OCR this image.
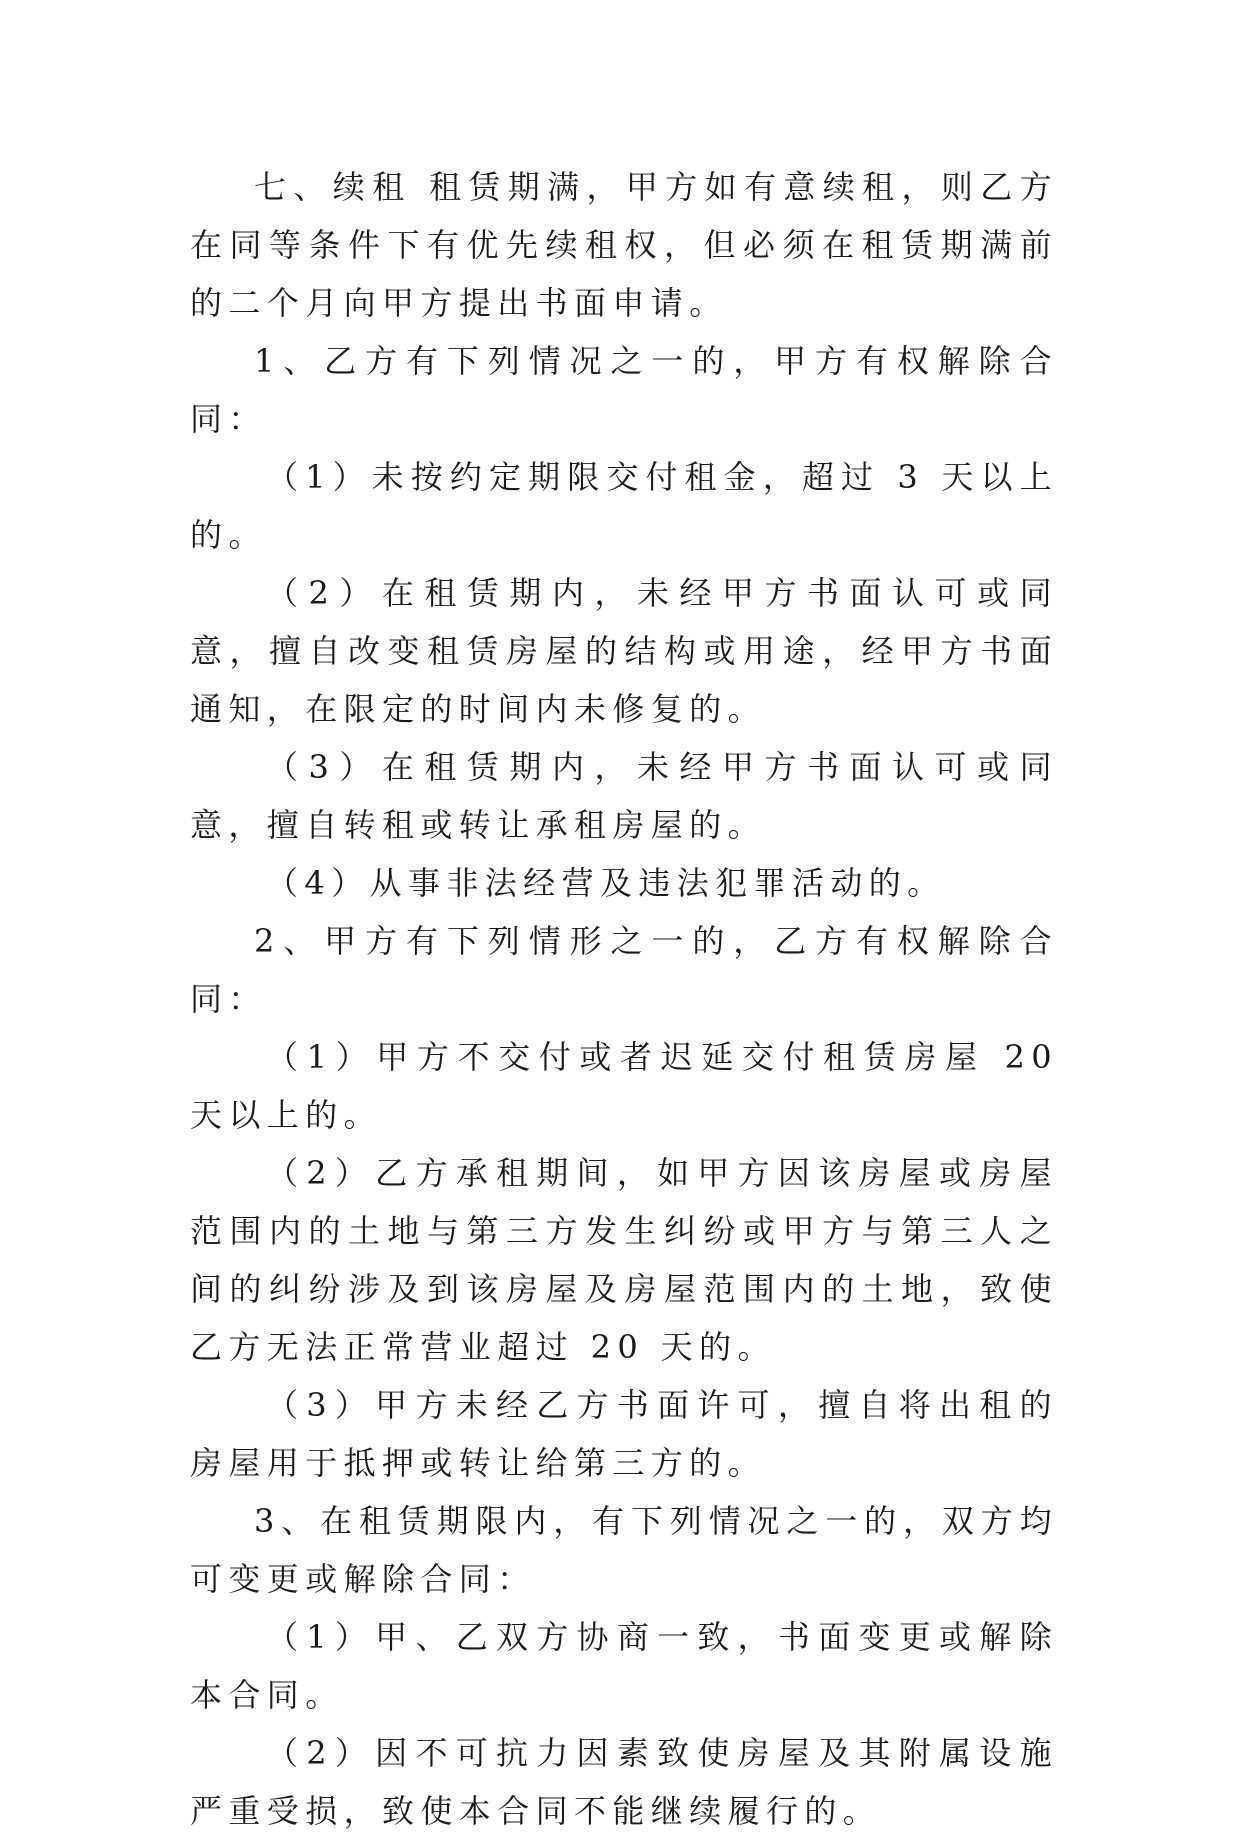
七、续租 租赁期满，甲方如有意续租，则乙方在同等条件下有优先续租权，但必须在租赁期满前的二个月向甲方提出书面申请。

1、乙方有下列情况之一的，甲方有权解除合同：

（1）未按约定期限交付租金，超过 3 天以上的。

（2）在租赁期内，未经甲方书面认可或同意，擅自改变租赁房屋的结构或用途，经甲方书面通知，在限定的时间内未修复的。

（3）在租赁期内，未经甲方书面认可或同意，擅自转租或转让承租房屋的。

（4）从事非法经营及违法犯罪活动的。

2、甲方有下列情形之一的，乙方有权解除合同：

（1）甲方不交付或者迟延交付租赁房屋 20 天以上的。

（2）乙方承租期间，如甲方因该房屋或房屋范围内的土地与第三方发生纠纷或甲方与第三人之间的纠纷涉及到该房屋及房屋范围内的土地，致使乙方无法正常营业超过 20 天的。

（3）甲方未经乙方书面许可，擅自将出租的房屋用于抵押或转让给第三方的。

3、在租赁期限内，有下列情况之一的，双方均可变更或解除合同：

（1）甲、乙双方协商一致，书面变更或解除本合同。

（2）因不可抗力因素致使房屋及其附属设施严重受损，致使本合同不能继续履行的。
